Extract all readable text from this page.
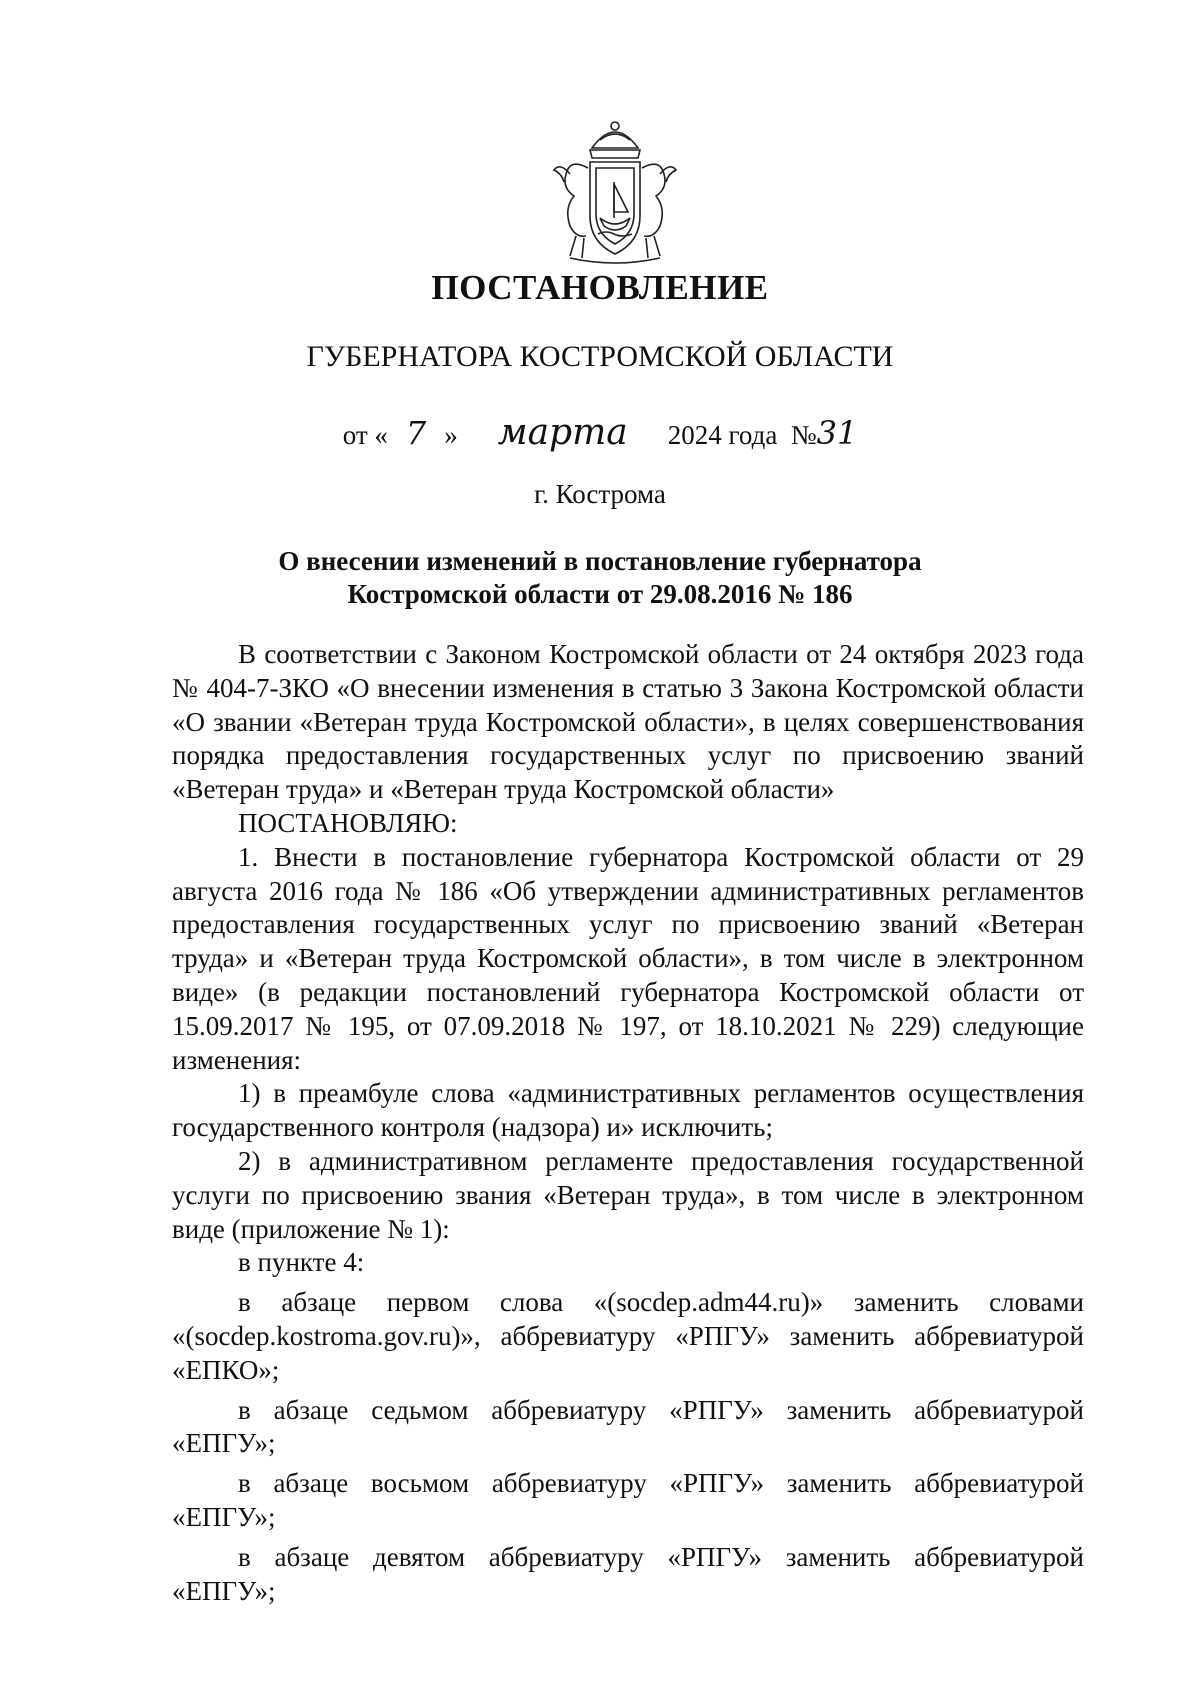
ПОСТАНОВЛЕНИЕ
ГУБЕРНАТОРА КОСТРОМСКОЙ ОБЛАСТИ
от « 7 » марта 2024 года №31
г. Кострома
О внесении изменений в постановление губернатора
Костромской области от 29.08.2016 № 186

В соответствии с Законом Костромской области от 24 октября 2023 года № 404-7-ЗКО «О внесении изменения в статью 3 Закона Костромской области «О звании «Ветеран труда Костромской области», в целях совершенствования порядка предоставления государственных услуг по присвоению званий «Ветеран труда» и «Ветеран труда Костромской области»

ПОСТАНОВЛЯЮ:

1. Внести в постановление губернатора Костромской области от 29 августа 2016 года № 186 «Об утверждении административных регламентов предоставления государственных услуг по присвоению званий «Ветеран труда» и «Ветеран труда Костромской области», в том числе в электронном виде» (в редакции постановлений губернатора Костромской области от 15.09.2017 № 195, от 07.09.2018 № 197, от 18.10.2021 № 229) следующие изменения:

1) в преамбуле слова «административных регламентов осуществления государственного контроля (надзора) и» исключить;

2) в административном регламенте предоставления государственной услуги по присвоению звания «Ветеран труда», в том числе в электронном виде (приложение № 1):

в пункте 4:

в абзаце первом слова «(socdep.adm44.ru)» заменить словами «(socdep.kostroma.gov.ru)», аббревиатуру «РПГУ» заменить аббревиатурой «ЕПКО»;

в абзаце седьмом аббревиатуру «РПГУ» заменить аббревиатурой «ЕПГУ»;

в абзаце восьмом аббревиатуру «РПГУ» заменить аббревиатурой «ЕПГУ»;

в абзаце девятом аббревиатуру «РПГУ» заменить аббревиатурой «ЕПГУ»;
